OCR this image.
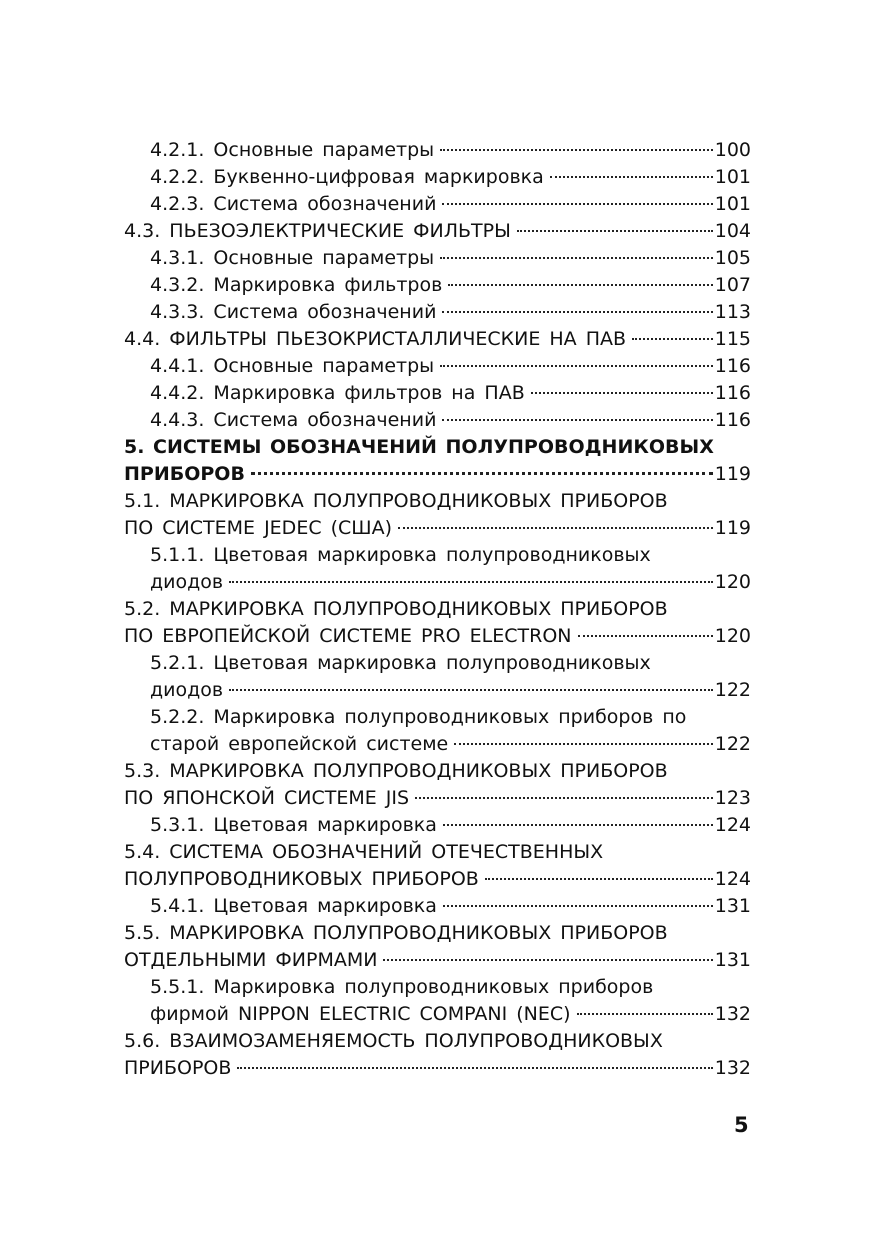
4.2.1. Основные параметры	100
4.2.2. Буквенно-цифровая маркировка	101
4.2.3. Система обозначений	101
4.3. ПЬЕЗОЭЛЕКТРИЧЕСКИЕ ФИЛЬТРЫ	104
4.3.1. Основные параметры	105
4.3.2. Маркировка фильтров	107
4.3.3. Система обозначений	113
4.4. ФИЛЬТРЫ ПЬЕЗОКРИСТАЛЛИЧЕСКИЕ НА ПАВ	115
4.4.1. Основные параметры	116
4.4.2. Маркировка фильтров на ПАВ	116
4.4.3. Система обозначений	116
5. СИСТЕМЫ ОБОЗНАЧЕНИЙ ПОЛУПРОВОДНИКОВЫХ
ПРИБОРОВ	119
5.1. МАРКИРОВКА ПОЛУПРОВОДНИКОВЫХ ПРИБОРОВ
ПО СИСТЕМЕ JEDEC (США)	119
5.1.1. Цветовая маркировка полупроводниковых
диодов	120
5.2. МАРКИРОВКА ПОЛУПРОВОДНИКОВЫХ ПРИБОРОВ
ПО ЕВРОПЕЙСКОЙ СИСТЕМЕ PRO ELECTRON	120
5.2.1. Цветовая маркировка полупроводниковых
диодов	122
5.2.2. Маркировка полупроводниковых приборов по
старой европейской системе	122
5.3. МАРКИРОВКА ПОЛУПРОВОДНИКОВЫХ ПРИБОРОВ
ПО ЯПОНСКОЙ СИСТЕМЕ JIS	123
5.3.1. Цветовая маркировка	124
5.4. СИСТЕМА ОБОЗНАЧЕНИЙ ОТЕЧЕСТВЕННЫХ
ПОЛУПРОВОДНИКОВЫХ ПРИБОРОВ	124
5.4.1. Цветовая маркировка	131
5.5. МАРКИРОВКА ПОЛУПРОВОДНИКОВЫХ ПРИБОРОВ
ОТДЕЛЬНЫМИ ФИРМАМИ	131
5.5.1. Маркировка полупроводниковых приборов
фирмой NIPPON ELECTRIC COMPANI (NEC)	132
5.6. ВЗАИМОЗАМЕНЯЕМОСТЬ ПОЛУПРОВОДНИКОВЫХ
ПРИБОРОВ	132
5
